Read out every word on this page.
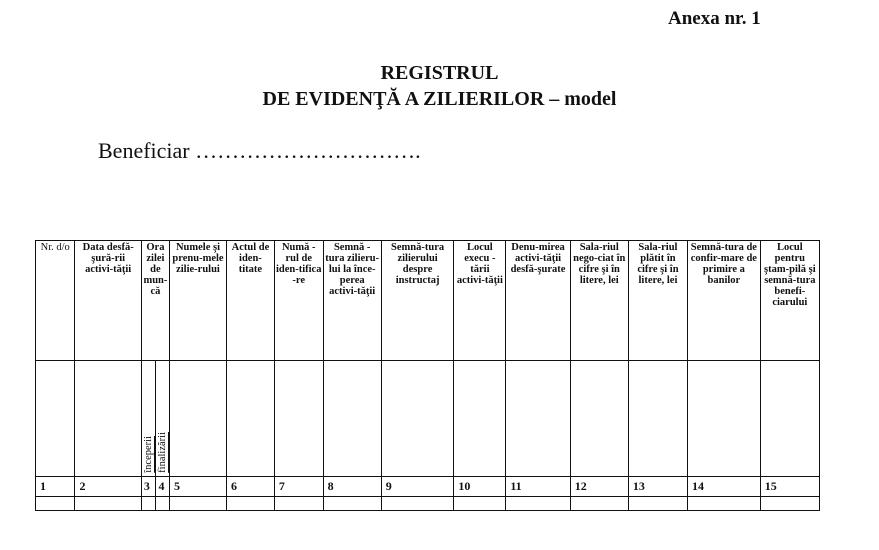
Anexa nr. 1
REGISTRUL
DE EVIDENŢĂ A ZILIERILOR – model
Beneficiar ………………………….
Nr. d/o	Data desfă-şură-rii activi-tăţii	Ora zilei de mun-că		Numele şi prenu-mele zilie-rului	Actul de iden-titate	Numă -rul de iden-tifica -re	Semnă -tura zilieru-lui la înce-perea activi-tăţii	Semnă-tura zilierului despre instructaj	Locul execu -tării activi-tăţii	Denu-mirea activi-tăţii desfă-şurate	Sala-riul nego-ciat în cifre şi în litere, lei	Sala-riul plătit în cifre şi în litere, lei	Semnă-tura de confir-mare de primire a banilor	Locul pentru ştam-pilă şi semnă-tura benefi-ciarului
		începerii	finalizării											
1	2	3	4	5	6	7	8	9	10	11	12	13	14	15
